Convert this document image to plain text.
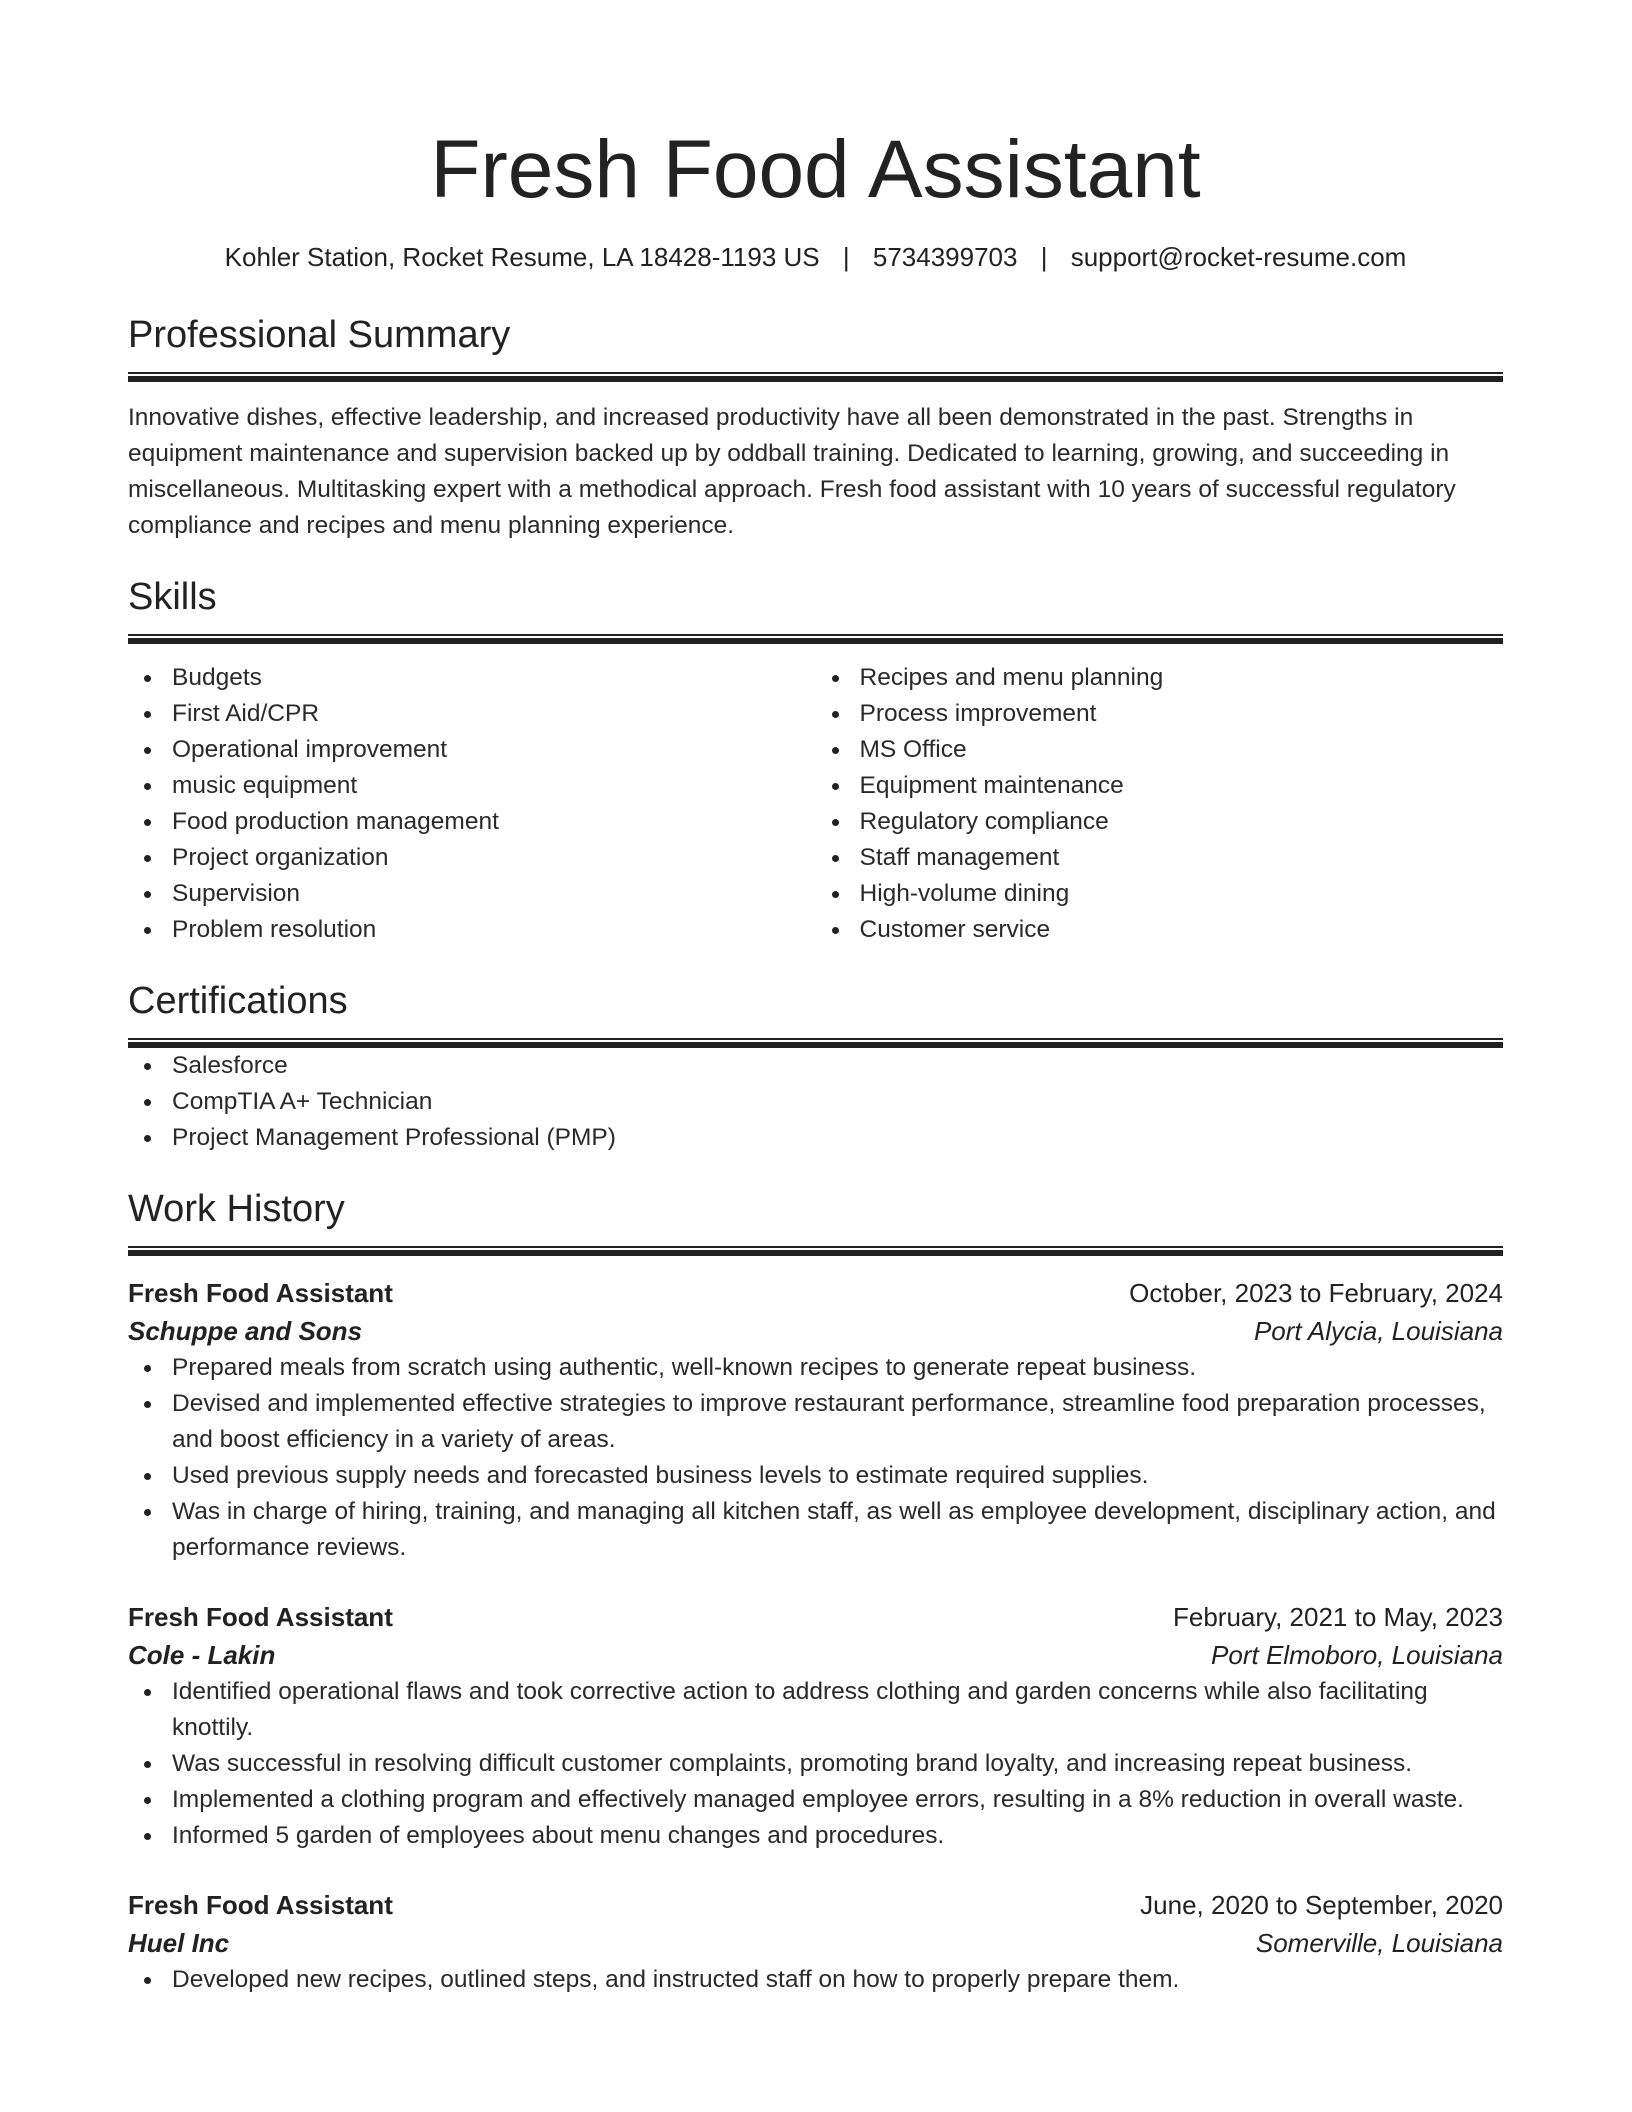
Fresh Food Assistant
Kohler Station, Rocket Resume, LA 18428-1193 US | 5734399703 | support@rocket-resume.com
Professional Summary

Innovative dishes, effective leadership, and increased productivity have all been demonstrated in the past. Strengths in equipment maintenance and supervision backed up by oddball training. Dedicated to learning, growing, and succeeding in miscellaneous. Multitasking expert with a methodical approach. Fresh food assistant with 10 years of successful regulatory compliance and recipes and menu planning experience.

Skills
Budgets
First Aid/CPR
Operational improvement
music equipment
Food production management
Project organization
Supervision
Problem resolution
Recipes and menu planning
Process improvement
MS Office
Equipment maintenance
Regulatory compliance
Staff management
High-volume dining
Customer service
Certifications
Salesforce
CompTIA A+ Technician
Project Management Professional (PMP)
Work History
Fresh Food Assistant	October, 2023 to February, 2024
Schuppe and Sons	Port Alycia, Louisiana
Prepared meals from scratch using authentic, well-known recipes to generate repeat business.
Devised and implemented effective strategies to improve restaurant performance, streamline food preparation processes, and boost efficiency in a variety of areas.
Used previous supply needs and forecasted business levels to estimate required supplies.
Was in charge of hiring, training, and managing all kitchen staff, as well as employee development, disciplinary action, and performance reviews.
Fresh Food Assistant	February, 2021 to May, 2023
Cole - Lakin	Port Elmoboro, Louisiana
Identified operational flaws and took corrective action to address clothing and garden concerns while also facilitating knottily.
Was successful in resolving difficult customer complaints, promoting brand loyalty, and increasing repeat business.
Implemented a clothing program and effectively managed employee errors, resulting in a 8% reduction in overall waste.
Informed 5 garden of employees about menu changes and procedures.
Fresh Food Assistant	June, 2020 to September, 2020
Huel Inc	Somerville, Louisiana
Developed new recipes, outlined steps, and instructed staff on how to properly prepare them.
